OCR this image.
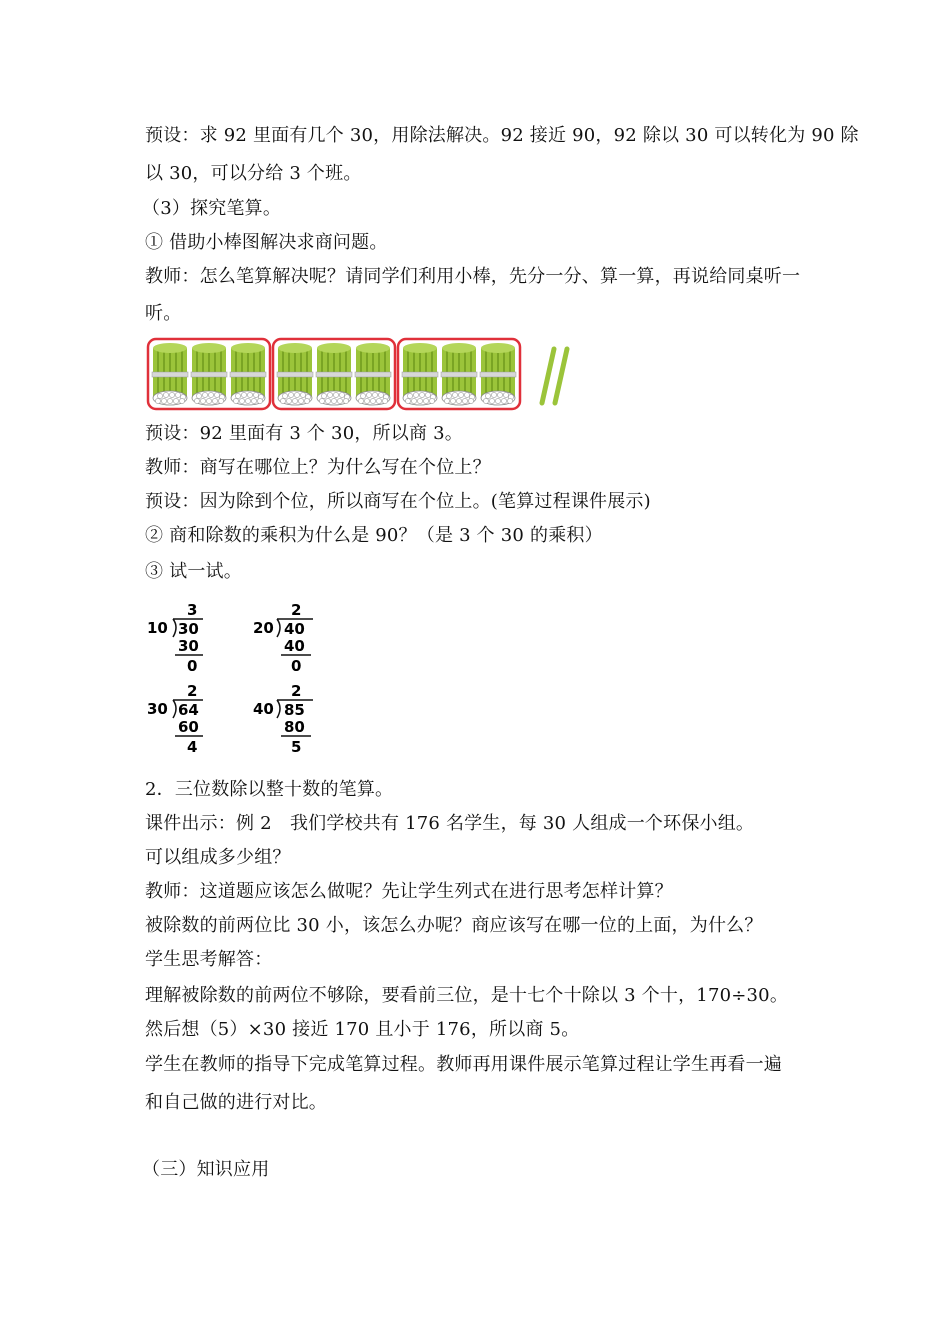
预设：求 92 里面有几个 30，用除法解决。92 接近 90，92 除以 30 可以转化为 90 除
以 30，可以分给 3 个班。
（3）探究笔算。
① 借助小棒图解决求商问题。
教师：怎么笔算解决呢？请同学们利用小棒，先分一分、算一算，再说给同桌听一
听。
预设：92 里面有 3 个 30，所以商 3。
教师：商写在哪位上？为什么写在个位上？
预设：因为除到个位，所以商写在个位上。(笔算过程课件展示)
② 商和除数的乘积为什么是 90？（是 3 个 30 的乘积）
③ 试一试。
3
10 30
30
0
2
20 40
40
0
2
30 64
60
4
2
40 85
80
5
2．三位数除以整十数的笔算。
课件出示：例 2　我们学校共有 176 名学生，每 30 人组成一个环保小组。
可以组成多少组？
教师：这道题应该怎么做呢？先让学生列式在进行思考怎样计算？
被除数的前两位比 30 小，该怎么办呢？商应该写在哪一位的上面，为什么？
学生思考解答：
理解被除数的前两位不够除，要看前三位，是十七个十除以 3 个十，170÷30。
然后想（5）×30 接近 170 且小于 176，所以商 5。
学生在教师的指导下完成笔算过程。教师再用课件展示笔算过程让学生再看一遍
和自己做的进行对比。
（三）知识应用
